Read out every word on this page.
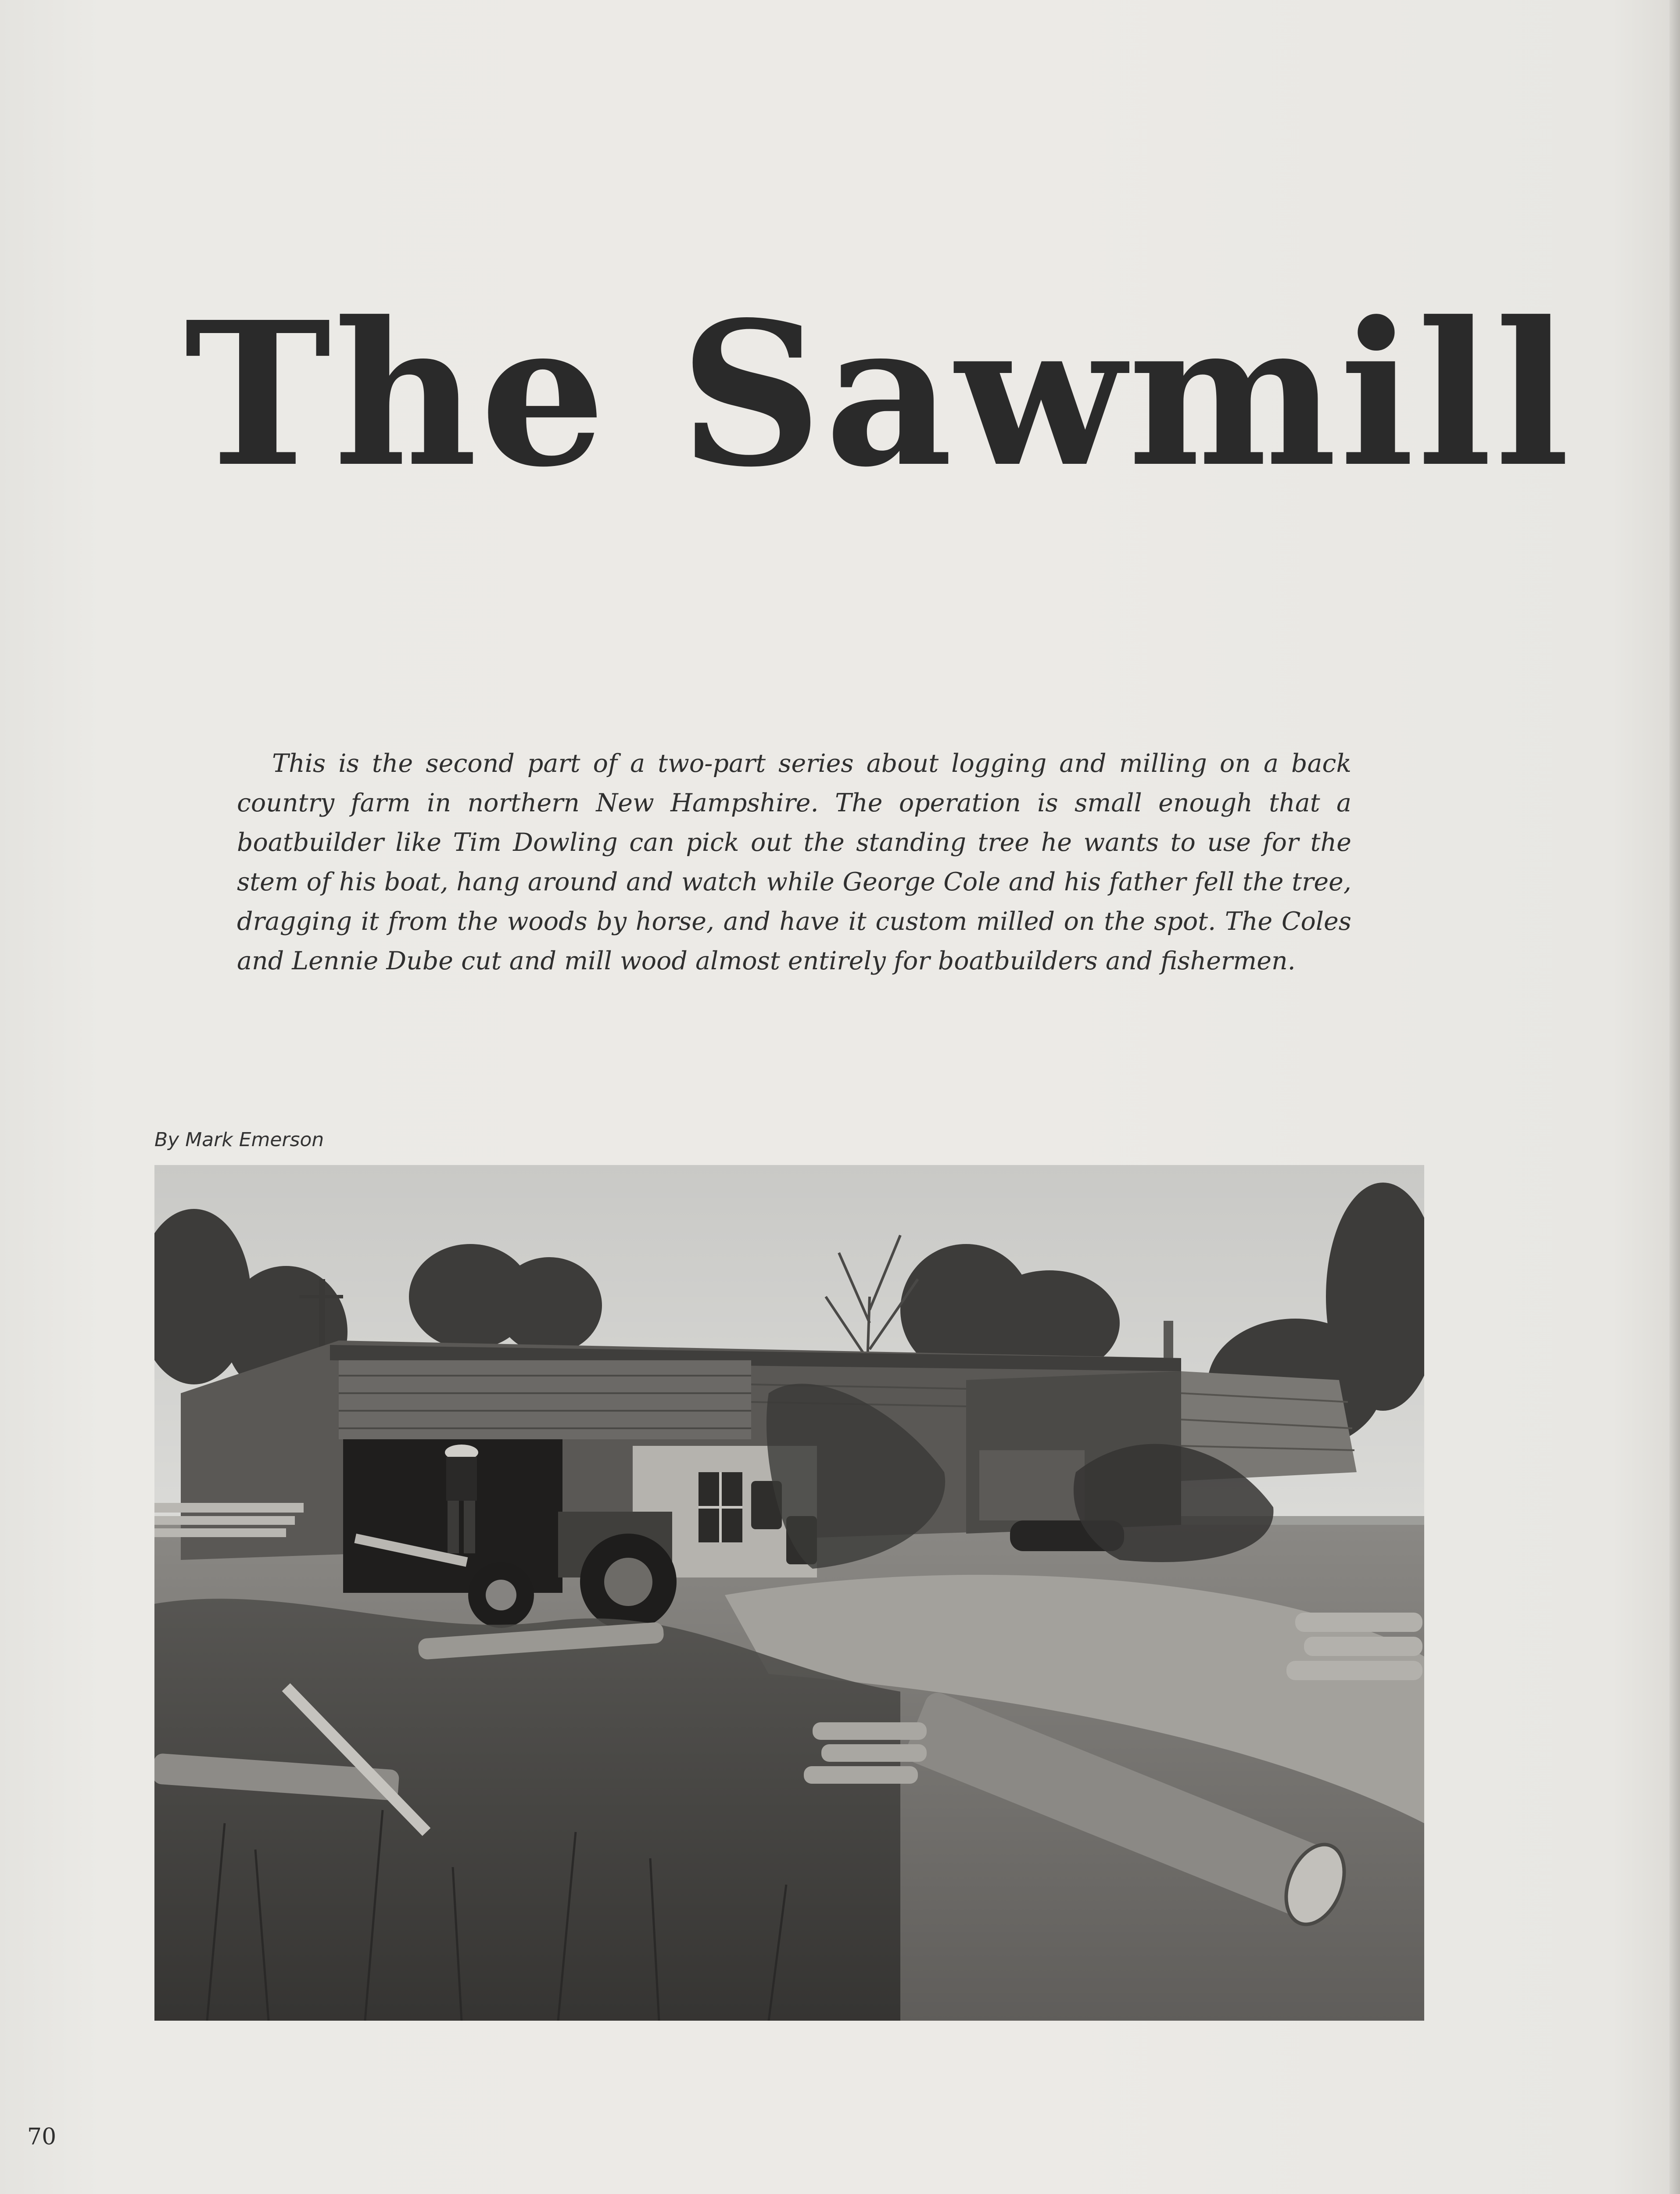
The Sawmill

This is the second part of a two-part series about logging and milling on a back country farm in northern New Hampshire. The operation is small enough that a boatbuilder like Tim Dowling can pick out the standing tree he wants to use for the stem of his boat, hang around and watch while George Cole and his father fell the tree, dragging it from the woods by horse, and have it custom milled on the spot. The Coles and Lennie Dube cut and mill wood almost entirely for boatbuilders and fishermen.

By Mark Emerson
70
